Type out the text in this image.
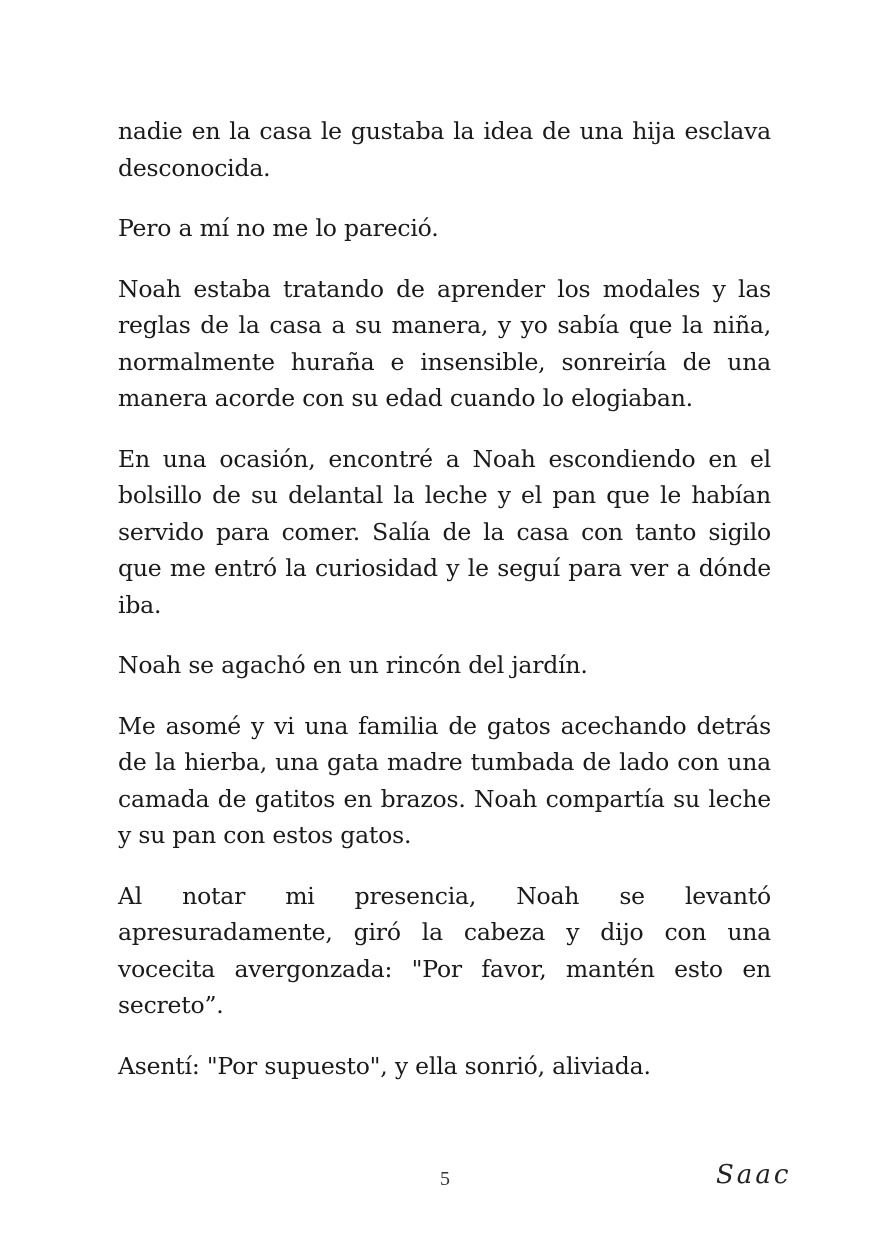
nadie en la casa le gustaba la idea de una hija esclava desconocida.

Pero a mí no me lo pareció.

Noah estaba tratando de aprender los modales y las reglas de la casa a su manera, y yo sabía que la niña, normalmente huraña e insensible, sonreiría de una manera acorde con su edad cuando lo elogiaban.

En una ocasión, encontré a Noah escondiendo en el bolsillo de su delantal la leche y el pan que le habían servido para comer. Salía de la casa con tanto sigilo que me entró la curiosidad y le seguí para ver a dónde iba.

Noah se agachó en un rincón del jardín.

Me asomé y vi una familia de gatos acechando detrás de la hierba, una gata madre tumbada de lado con una camada de gatitos en brazos. Noah compartía su leche y su pan con estos gatos.

Al notar mi presencia, Noah se levantó apresuradamente, giró la cabeza y dijo con una vocecita avergonzada: "Por favor, mantén esto en secreto”.

Asentí: "Por supuesto", y ella sonrió, aliviada.

5	Saac
